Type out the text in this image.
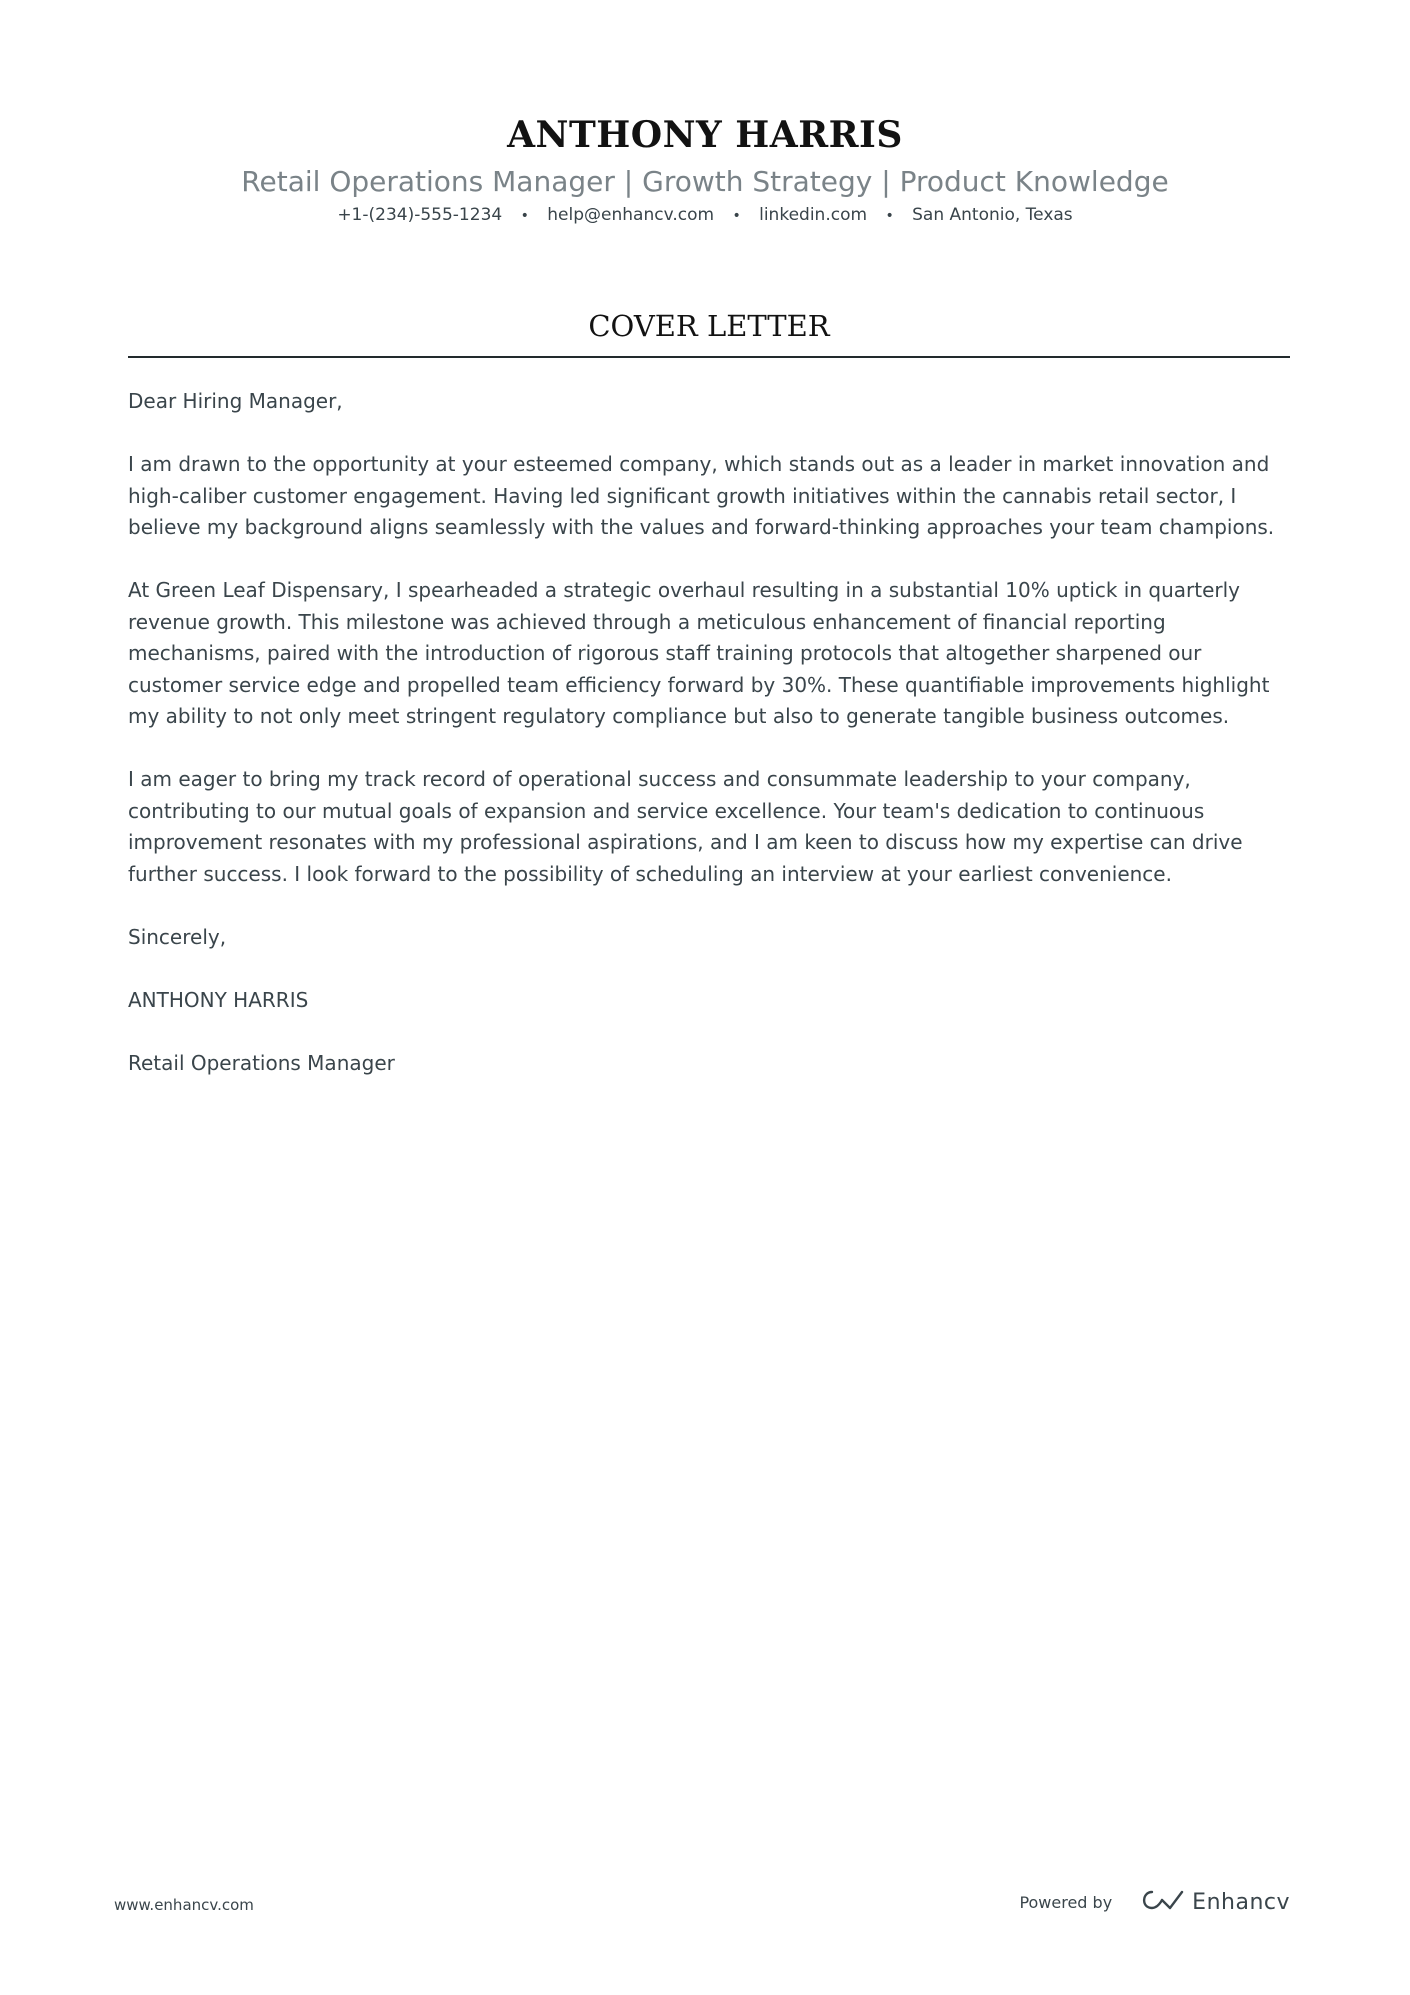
ANTHONY HARRIS
Retail Operations Manager | Growth Strategy | Product Knowledge
+1-(234)-555-1234 • help@enhancv.com • linkedin.com • San Antonio, Texas
COVER LETTER

Dear Hiring Manager,

I am drawn to the opportunity at your esteemed company, which stands out as a leader in market innovation and high-caliber customer engagement. Having led significant growth initiatives within the cannabis retail sector, I believe my background aligns seamlessly with the values and forward-thinking approaches your team champions.

At Green Leaf Dispensary, I spearheaded a strategic overhaul resulting in a substantial 10% uptick in quarterly revenue growth. This milestone was achieved through a meticulous enhancement of financial reporting mechanisms, paired with the introduction of rigorous staff training protocols that altogether sharpened our customer service edge and propelled team efficiency forward by 30%. These quantifiable improvements highlight my ability to not only meet stringent regulatory compliance but also to generate tangible business outcomes.

I am eager to bring my track record of operational success and consummate leadership to your company, contributing to our mutual goals of expansion and service excellence. Your team's dedication to continuous improvement resonates with my professional aspirations, and I am keen to discuss how my expertise can drive further success. I look forward to the possibility of scheduling an interview at your earliest convenience.

Sincerely,

ANTHONY HARRIS

Retail Operations Manager

www.enhancv.com	Powered by	Enhancv
